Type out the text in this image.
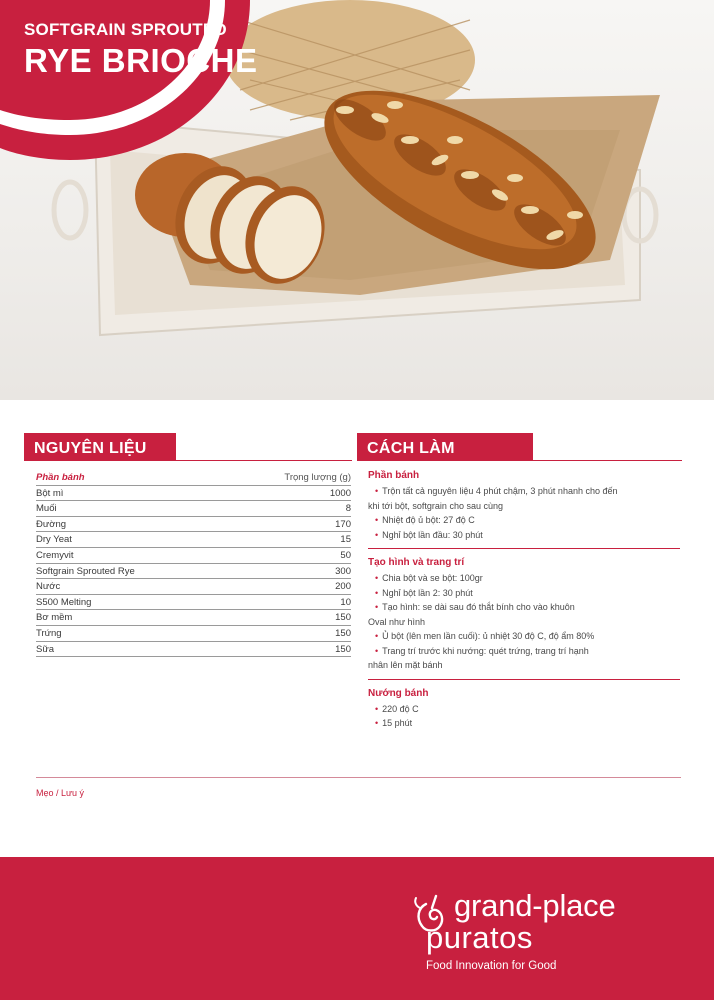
SOFTGRAIN SPROUTED
RYE BRIOCHE
NGUYÊN LIỆU
Phần bánh	Trọng lượng (g)
Bột mì	1000
Muối	8
Đường	170
Dry Yeat	15
Cremyvit	50
Softgrain Sprouted Rye	300
Nước	200
S500 Melting	10
Bơ mềm	150
Trứng	150
Sữa	150
CÁCH LÀM
Phần bánh
• Trộn tất cả nguyên liệu 4 phút chậm, 3 phút nhanh cho đến
khi tới bột, softgrain cho sau cùng
• Nhiệt độ ủ bột: 27 độ C
• Nghỉ bột lần đầu: 30 phút
Tạo hình và trang trí
• Chia bột và se bột: 100gr
• Nghỉ bột lần 2: 30 phút
• Tạo hình: se dài sau đó thắt bính cho vào khuôn
Oval như hình
• Ủ bột (lên men lần cuối): ủ nhiệt 30 độ C, độ ẩm 80%
• Trang trí trước khi nướng: quét trứng, trang trí hạnh
nhân lên mặt bánh
Nướng bánh
• 220 độ C
• 15 phút
Mẹo / Lưu ý
grand-place
puratos
Food Innovation for Good
